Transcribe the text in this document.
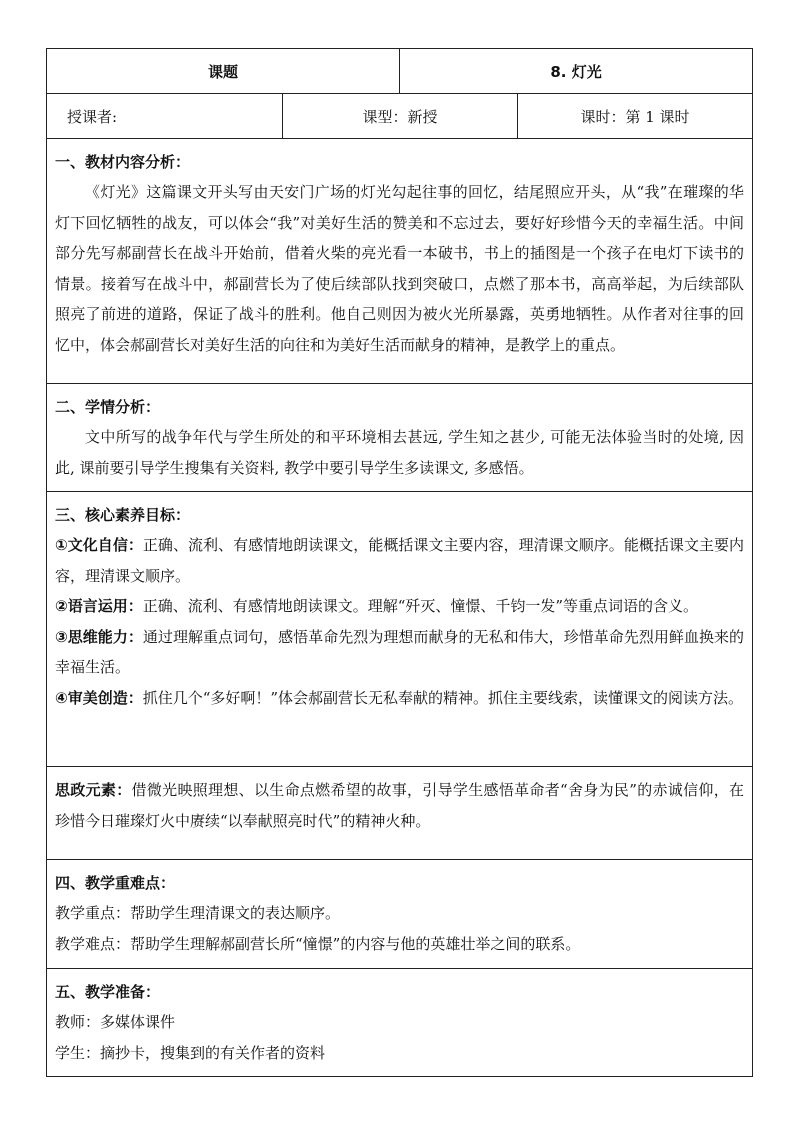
课题		8. 灯光	
授课者:	课型：新授		课时：第 1 课时

一、教材内容分析：
《灯光》这篇课文开头写由天安门广场的灯光勾起往事的回忆，结尾照应开头，从“我”在璀璨的华灯下回忆牺牲的战友，可以体会“我”对美好生活的赞美和不忘过去，要好好珍惜今天的幸福生活。中间部分先写郝副营长在战斗开始前，借着火柴的亮光看一本破书，书上的插图是一个孩子在电灯下读书的情景。接着写在战斗中，郝副营长为了使后续部队找到突破口，点燃了那本书，高高举起，为后续部队照亮了前进的道路，保证了战斗的胜利。他自己则因为被火光所暴露，英勇地牺牲。从作者对往事的回忆中，体会郝副营长对美好生活的向往和为美好生活而献身的精神，是教学上的重点。			

二、学情分析：
文中所写的战争年代与学生所处的和平环境相去甚远, 学生知之甚少, 可能无法体验当时的处境, 因此, 课前要引导学生搜集有关资料, 教学中要引导学生多读课文, 多感悟。			

三、核心素养目标：
①文化自信：正确、流利、有感情地朗读课文，能概括课文主要内容，理清课文顺序。能概括课文主要内容，理清课文顺序。
②语言运用：正确、流利、有感情地朗读课文。理解“歼灭、憧憬、千钧一发”等重点词语的含义。
③思维能力：通过理解重点词句，感悟革命先烈为理想而献身的无私和伟大，珍惜革命先烈用鲜血换来的幸福生活。
④审美创造：抓住几个“多好啊！”体会郝副营长无私奉献的精神。抓住主要线索，读懂课文的阅读方法。			

思政元素：借微光映照理想、以生命点燃希望的故事，引导学生感悟革命者“舍身为民”的赤诚信仰，在珍惜今日璀璨灯火中赓续“以奉献照亮时代”的精神火种。			

四、教学重难点：
教学重点：帮助学生理清课文的表达顺序。
教学难点：帮助学生理解郝副营长所“憧憬”的内容与他的英雄壮举之间的联系。			

五、教学准备：
教师：多媒体课件
学生：摘抄卡，搜集到的有关作者的资料			
